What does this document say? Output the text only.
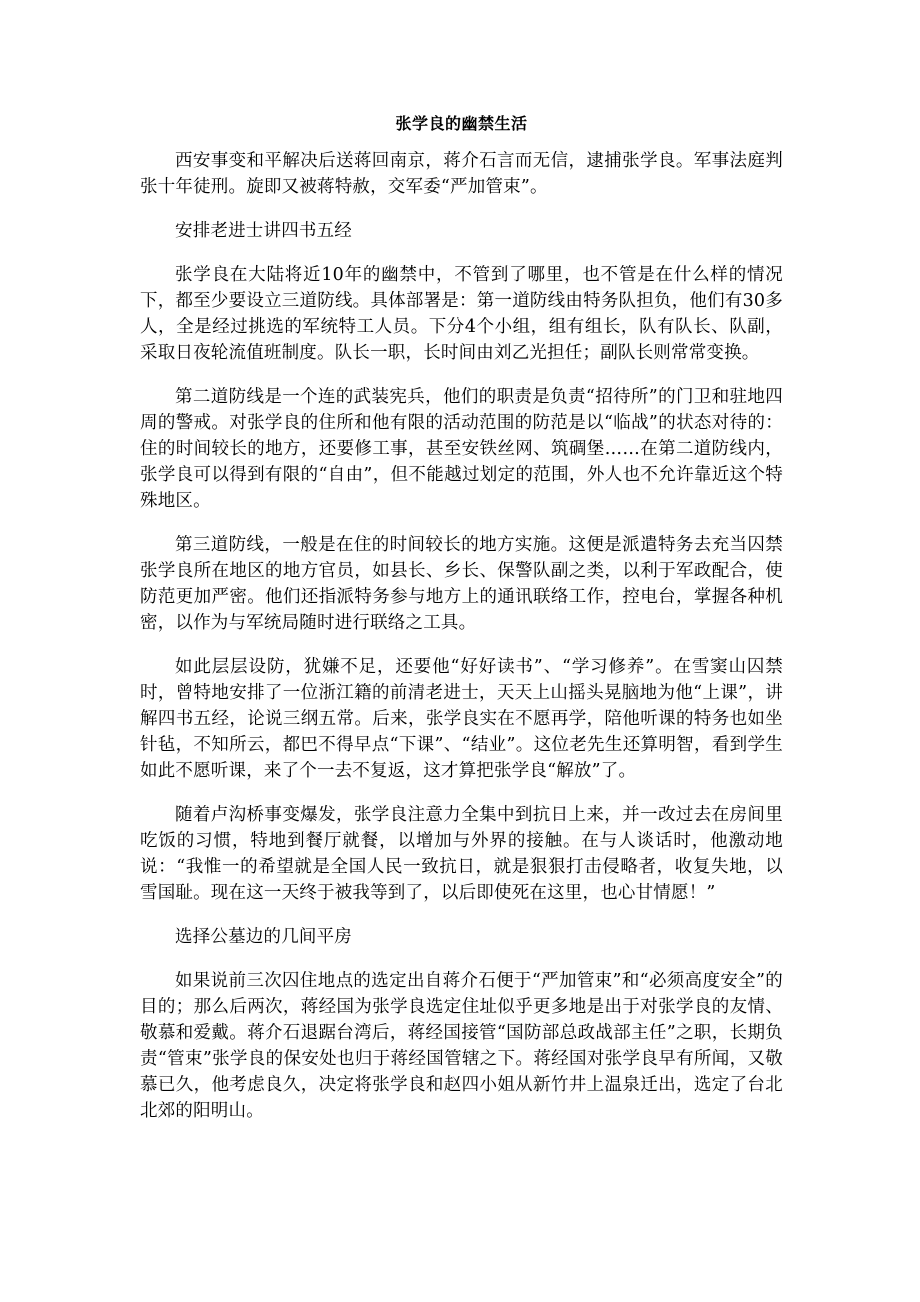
张学良的幽禁生活

西安事变和平解决后送蒋回南京，蒋介石言而无信，逮捕张学良。军事法庭判张十年徒刑。旋即又被蒋特赦，交军委“严加管束”。

安排老进士讲四书五经

张学良在大陆将近10年的幽禁中，不管到了哪里，也不管是在什么样的情况下，都至少要设立三道防线。具体部署是：第一道防线由特务队担负，他们有30多人，全是经过挑选的军统特工人员。下分4个小组，组有组长，队有队长、队副，采取日夜轮流值班制度。队长一职，长时间由刘乙光担任；副队长则常常变换。

第二道防线是一个连的武装宪兵，他们的职责是负责“招待所”的门卫和驻地四周的警戒。对张学良的住所和他有限的活动范围的防范是以“临战”的状态对待的：住的时间较长的地方，还要修工事，甚至安铁丝网、筑碉堡……在第二道防线内，张学良可以得到有限的“自由”，但不能越过划定的范围，外人也不允许靠近这个特殊地区。

第三道防线，一般是在住的时间较长的地方实施。这便是派遣特务去充当囚禁张学良所在地区的地方官员，如县长、乡长、保警队副之类，以利于军政配合，使防范更加严密。他们还指派特务参与地方上的通讯联络工作，控电台，掌握各种机密，以作为与军统局随时进行联络之工具。

如此层层设防，犹嫌不足，还要他“好好读书”、“学习修养”。在雪窦山囚禁时，曾特地安排了一位浙江籍的前清老进士，天天上山摇头晃脑地为他“上课”，讲解四书五经，论说三纲五常。后来，张学良实在不愿再学，陪他听课的特务也如坐针毡，不知所云，都巴不得早点“下课”、“结业”。这位老先生还算明智，看到学生如此不愿听课，来了个一去不复返，这才算把张学良“解放”了。

随着卢沟桥事变爆发，张学良注意力全集中到抗日上来，并一改过去在房间里吃饭的习惯，特地到餐厅就餐，以增加与外界的接触。在与人谈话时，他激动地说：“我惟一的希望就是全国人民一致抗日，就是狠狠打击侵略者，收复失地，以雪国耻。现在这一天终于被我等到了，以后即使死在这里，也心甘情愿！”

选择公墓边的几间平房

如果说前三次囚住地点的选定出自蒋介石便于“严加管束”和“必须高度安全”的目的；那么后两次，蒋经国为张学良选定住址似乎更多地是出于对张学良的友情、敬慕和爱戴。蒋介石退踞台湾后，蒋经国接管“国防部总政战部主任”之职，长期负责“管束”张学良的保安处也归于蒋经国管辖之下。蒋经国对张学良早有所闻，又敬慕已久，他考虑良久，决定将张学良和赵四小姐从新竹井上温泉迁出，选定了台北北郊的阳明山。
